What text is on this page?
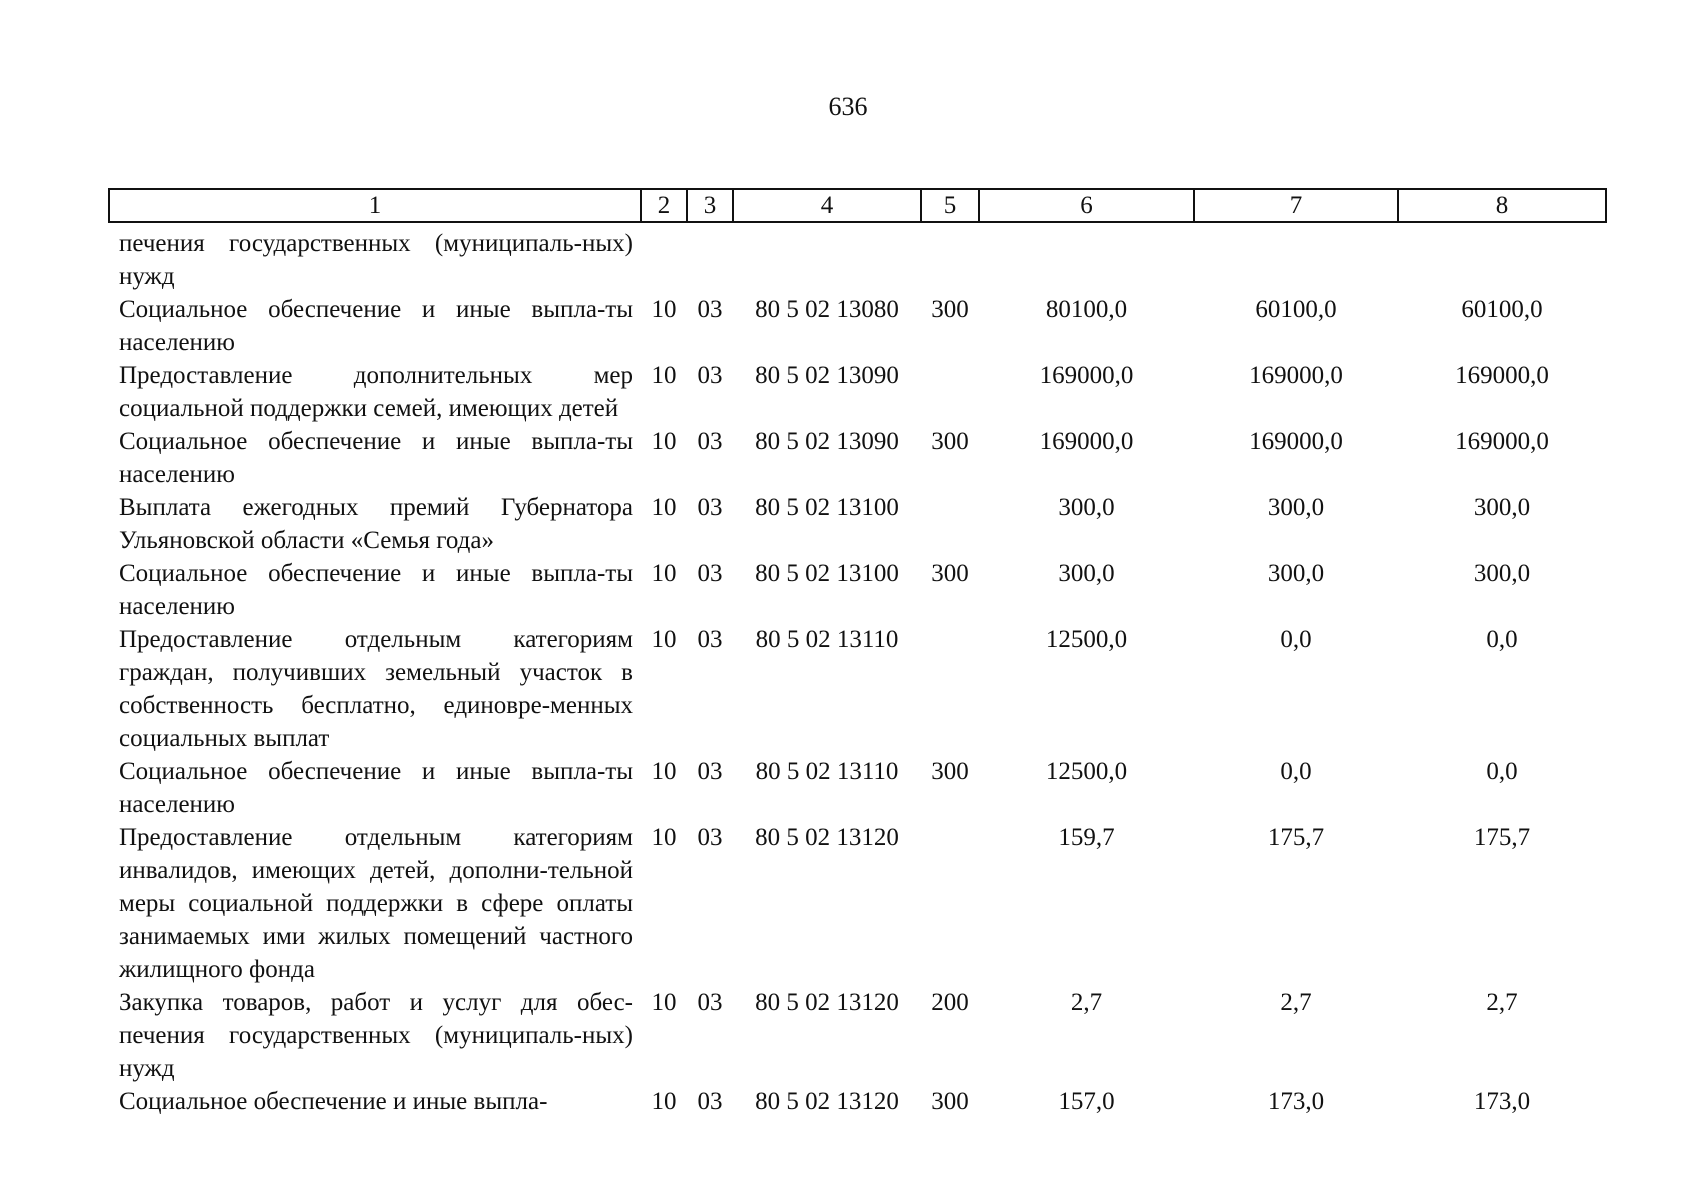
636
1	2	3	4	5	6	7	8
печения государственных (муниципаль-ных) нужд							
Социальное обеспечение и иные выпла-ты населению	10	03	80 5 02 13080	300	80100,0	60100,0	60100,0
Предоставление дополнительных мер социальной поддержки семей, имеющих детей	10	03	80 5 02 13090		169000,0	169000,0	169000,0
Социальное обеспечение и иные выпла-ты населению	10	03	80 5 02 13090	300	169000,0	169000,0	169000,0
Выплата ежегодных премий Губернатора Ульяновской области «Семья года»	10	03	80 5 02 13100		300,0	300,0	300,0
Социальное обеспечение и иные выпла-ты населению	10	03	80 5 02 13100	300	300,0	300,0	300,0
Предоставление отдельным категориям граждан, получивших земельный участок в собственность бесплатно, единовре-менных социальных выплат	10	03	80 5 02 13110		12500,0	0,0	0,0
Социальное обеспечение и иные выпла-ты населению	10	03	80 5 02 13110	300	12500,0	0,0	0,0
Предоставление отдельным категориям инвалидов, имеющих детей, дополни-тельной меры социальной поддержки в сфере оплаты занимаемых ими жилых помещений частного жилищного фонда	10	03	80 5 02 13120		159,7	175,7	175,7
Закупка товаров, работ и услуг для обес-печения государственных (муниципаль-ных) нужд	10	03	80 5 02 13120	200	2,7	2,7	2,7
Социальное обеспечение и иные выпла-	10	03	80 5 02 13120	300	157,0	173,0	173,0
